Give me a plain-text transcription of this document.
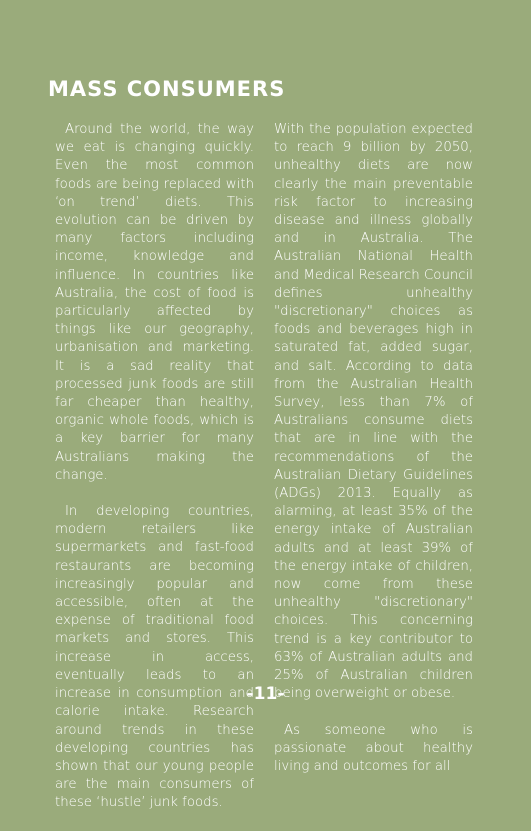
MASS CONSUMERS

Around the world, the way we eat is changing quickly. Even the most common foods are being replaced with ‘on trend’ diets. This evolution can be driven by many factors including income, knowledge and influence. In countries like Australia, the cost of food is particularly affected by things like our geography, urbanisation and marketing. It is a sad reality that processed junk foods are still far cheaper than healthy, organic whole foods, which is a key barrier for many Australians making the change.

In developing countries, modern retailers like supermarkets and fast-food restaurants are becoming increasingly popular and accessible, often at the expense of traditional food markets and stores. This increase in access, eventually leads to an increase in consumption and calorie intake. Research around trends in these developing countries has shown that our young people are the main consumers of these ‘hustle’ junk foods.

With the population expected to reach 9 billion by 2050, unhealthy diets are now clearly the main preventable risk factor to increasing disease and illness globally and in Australia. The Australian National Health and Medical Research Council defines unhealthy "discretionary" choices as foods and beverages high in saturated fat, added sugar, and salt. According to data from the Australian Health Survey, less than 7% of Australians consume diets that are in line with the recommendations of the Australian Dietary Guidelines (ADGs) 2013. Equally as alarming, at least 35% of the energy intake of Australian adults and at least 39% of the energy intake of children, now come from these unhealthy "discretionary" choices. This concerning trend is a key contributor to 63% of Australian adults and 25% of Australian children being overweight or obese.

As someone who is passionate about healthy living and outcomes for all

-11-
